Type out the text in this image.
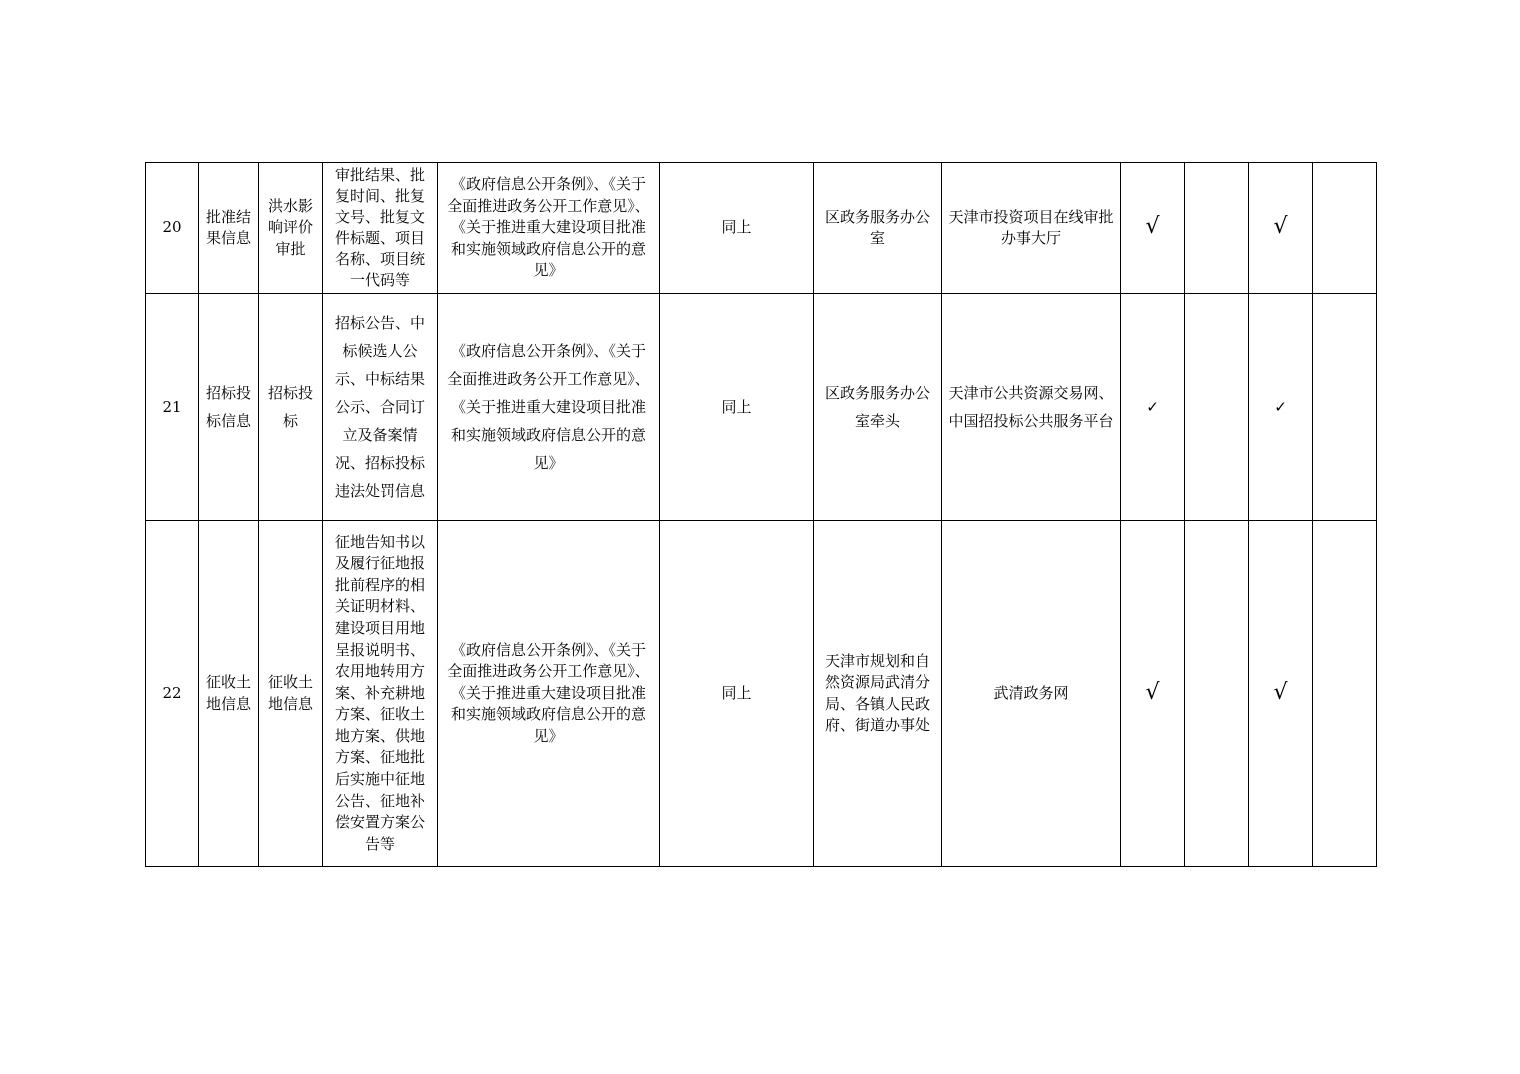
20	批准结果信息	洪水影响评价审批	审批结果、批复时间、批复文号、批复文件标题、项目名称、项目统一代码等	《政府信息公开条例》、《关于全面推进政务公开工作意见》、《关于推进重大建设项目批准和实施领域政府信息公开的意见》	同上	区政务服务办公室	天津市投资项目在线审批办事大厅	√		√	
21	招标投标信息	招标投标	招标公告、中标候选人公示、中标结果公示、合同订立及备案情况、招标投标违法处罚信息	《政府信息公开条例》、《关于全面推进政务公开工作意见》、《关于推进重大建设项目批准和实施领域政府信息公开的意见》	同上	区政务服务办公室牵头	天津市公共资源交易网、中国招投标公共服务平台	✓		✓	
22	征收土地信息	征收土地信息	征地告知书以及履行征地报批前程序的相关证明材料、建设项目用地呈报说明书、农用地转用方案、补充耕地方案、征收土地方案、供地方案、征地批后实施中征地公告、征地补偿安置方案公告等	《政府信息公开条例》、《关于全面推进政务公开工作意见》、《关于推进重大建设项目批准和实施领域政府信息公开的意见》	同上	天津市规划和自然资源局武清分局、各镇人民政府、街道办事处	武清政务网	√		√	
